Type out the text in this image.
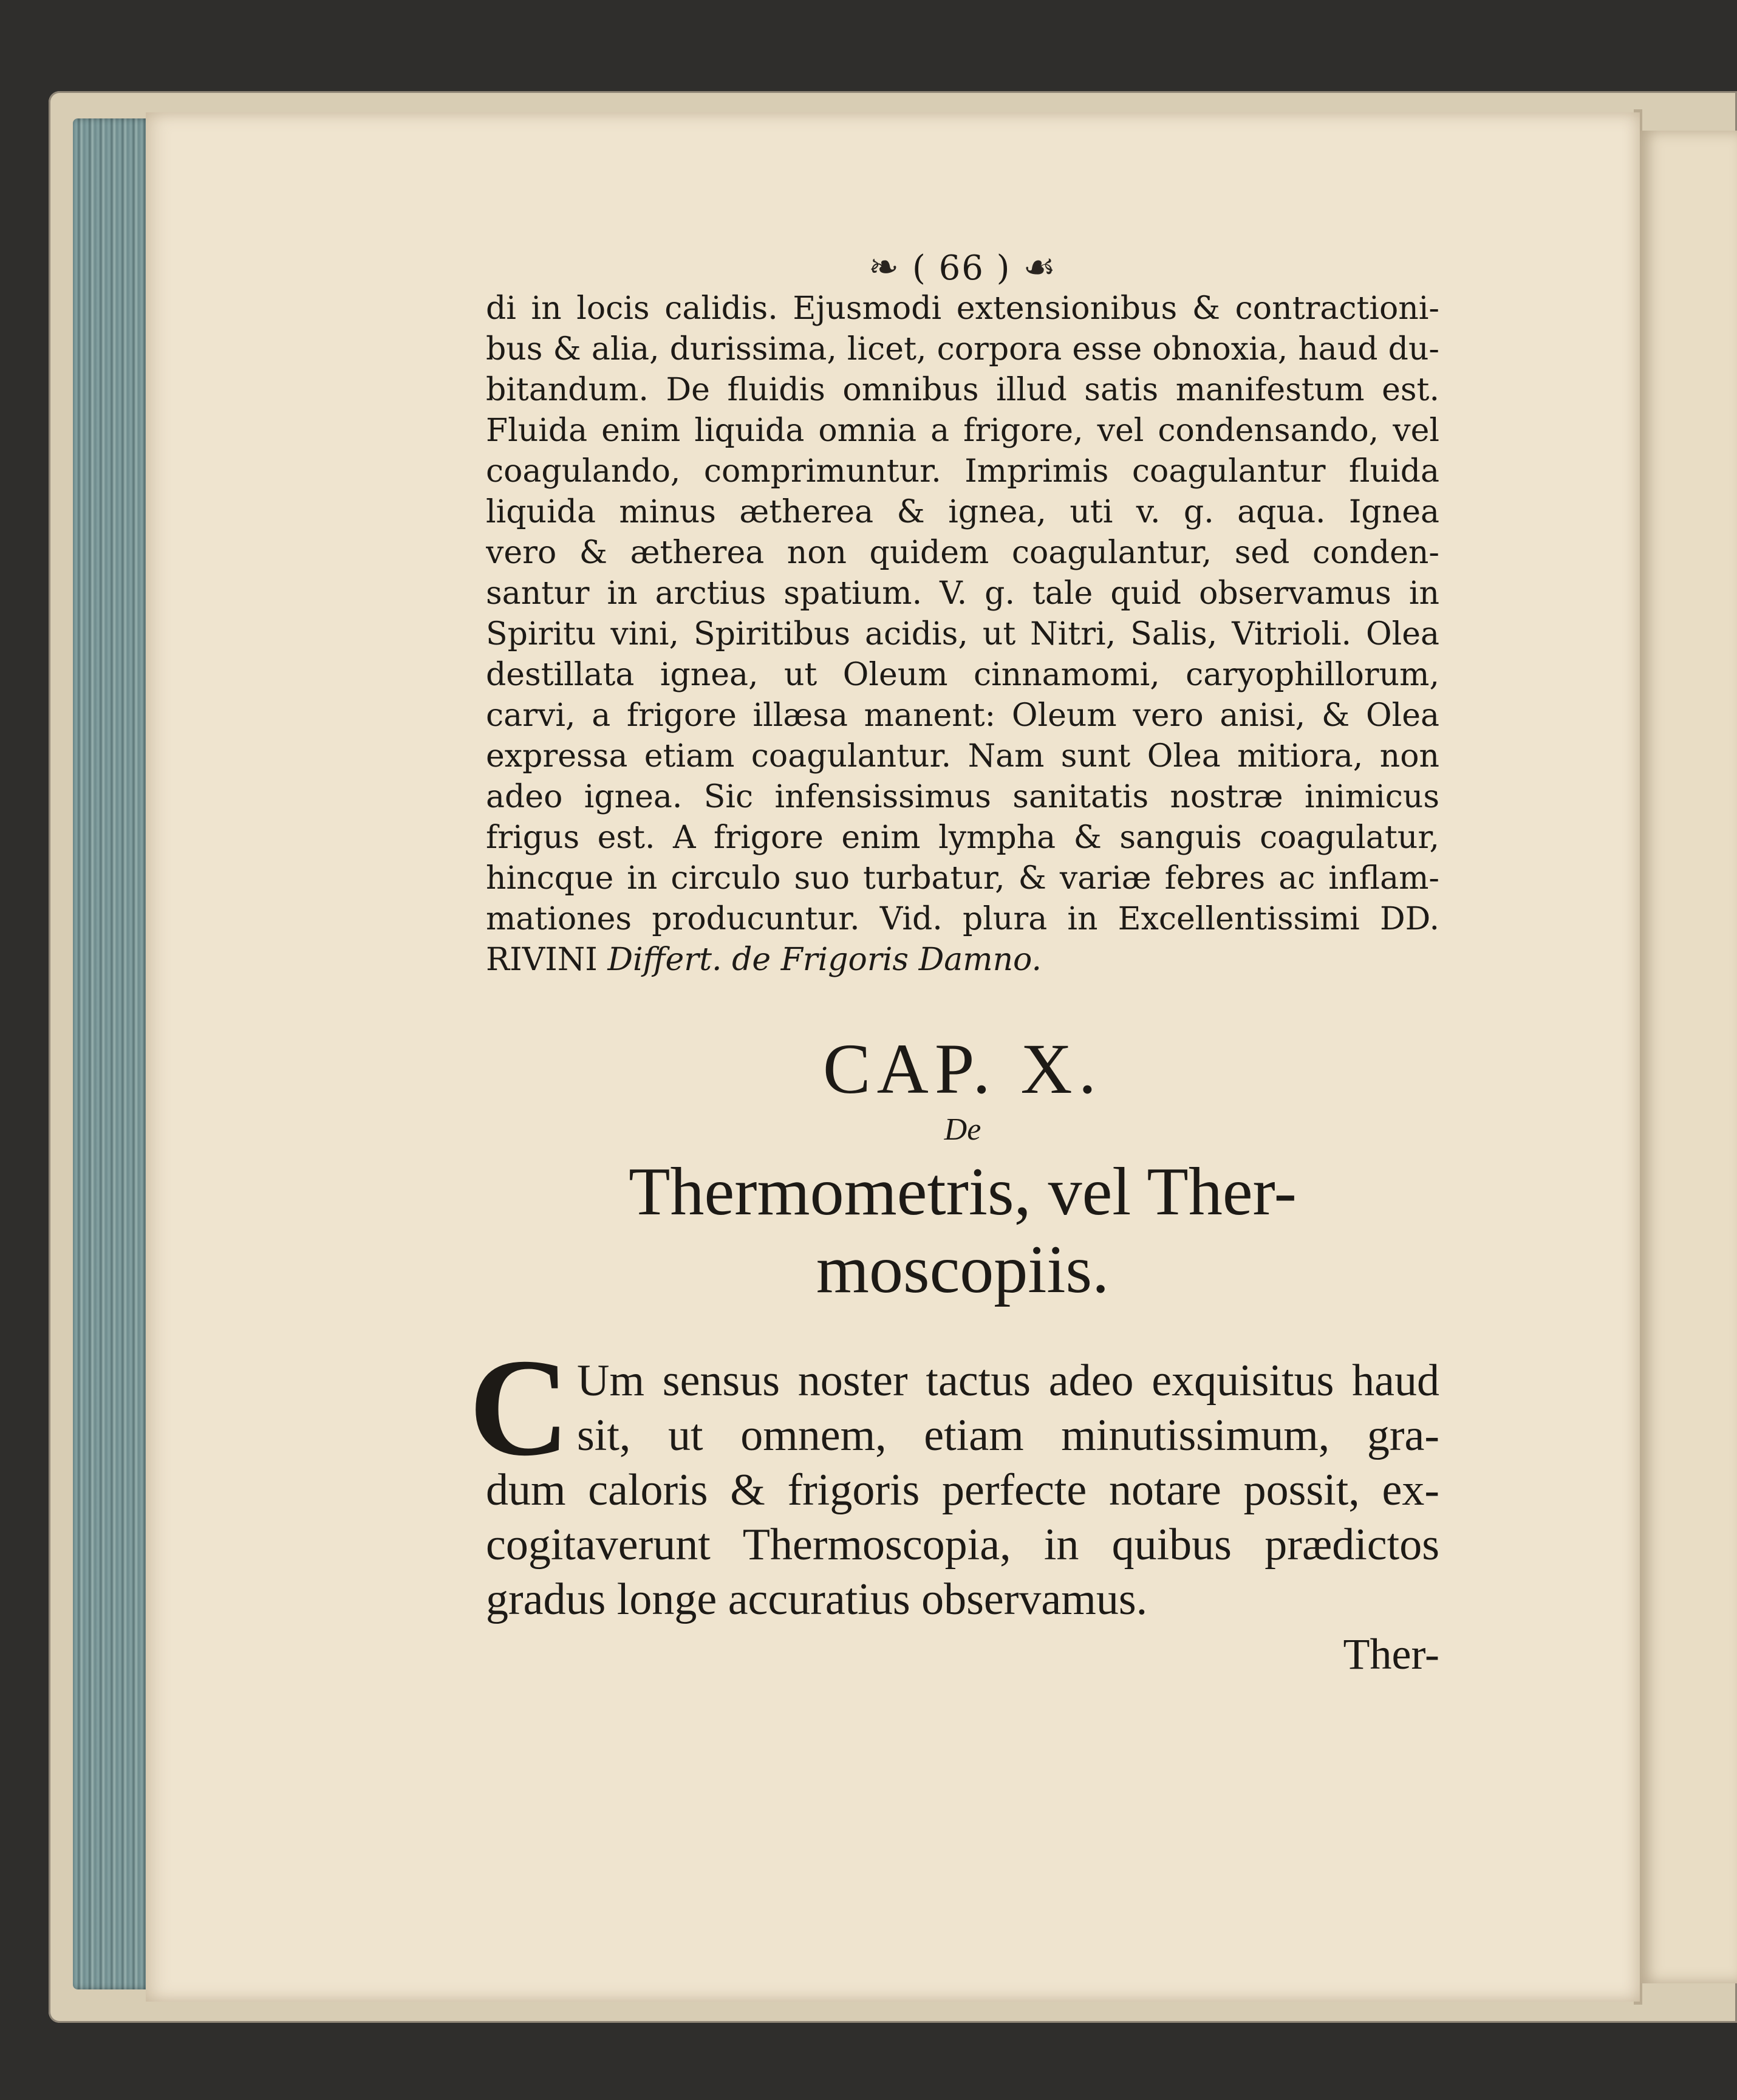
❧ ( 66 ) ☙
di in locis calidis. Ejusmodi extensionibus & contractioni-
bus & alia, durissima, licet, corpora esse obnoxia, haud du-
bitandum. De fluidis omnibus illud satis manifestum est.
Fluida enim liquida omnia a frigore, vel condensando, vel
coagulando, comprimuntur. Imprimis coagulantur fluida
liquida minus ætherea & ignea, uti v. g. aqua. Ignea
vero & ætherea non quidem coagulantur, sed conden-
santur in arctius spatium. V. g. tale quid observamus in
Spiritu vini, Spiritibus acidis, ut Nitri, Salis, Vitrioli. Olea
destillata ignea, ut Oleum cinnamomi, caryophillorum,
carvi, a frigore illæsa manent: Oleum vero anisi, & Olea
expressa etiam coagulantur. Nam sunt Olea mitiora, non
adeo ignea. Sic infensissimus sanitatis nostræ inimicus
frigus est. A frigore enim lympha & sanguis coagulatur,
hincque in circulo suo turbatur, & variæ febres ac inflam-
mationes producuntur. Vid. plura in Excellentissimi DD.
RIVINI Differt. de Frigoris Damno.
CAP. X.
De
Thermometris, vel Ther-
moscopiis.
C Um sensus noster tactus adeo exquisitus haud
sit, ut omnem, etiam minutissimum, gra-
dum caloris & frigoris perfecte notare possit, ex-
cogitaverunt Thermoscopia, in quibus prædictos
gradus longe accuratius observamus.
Ther-
